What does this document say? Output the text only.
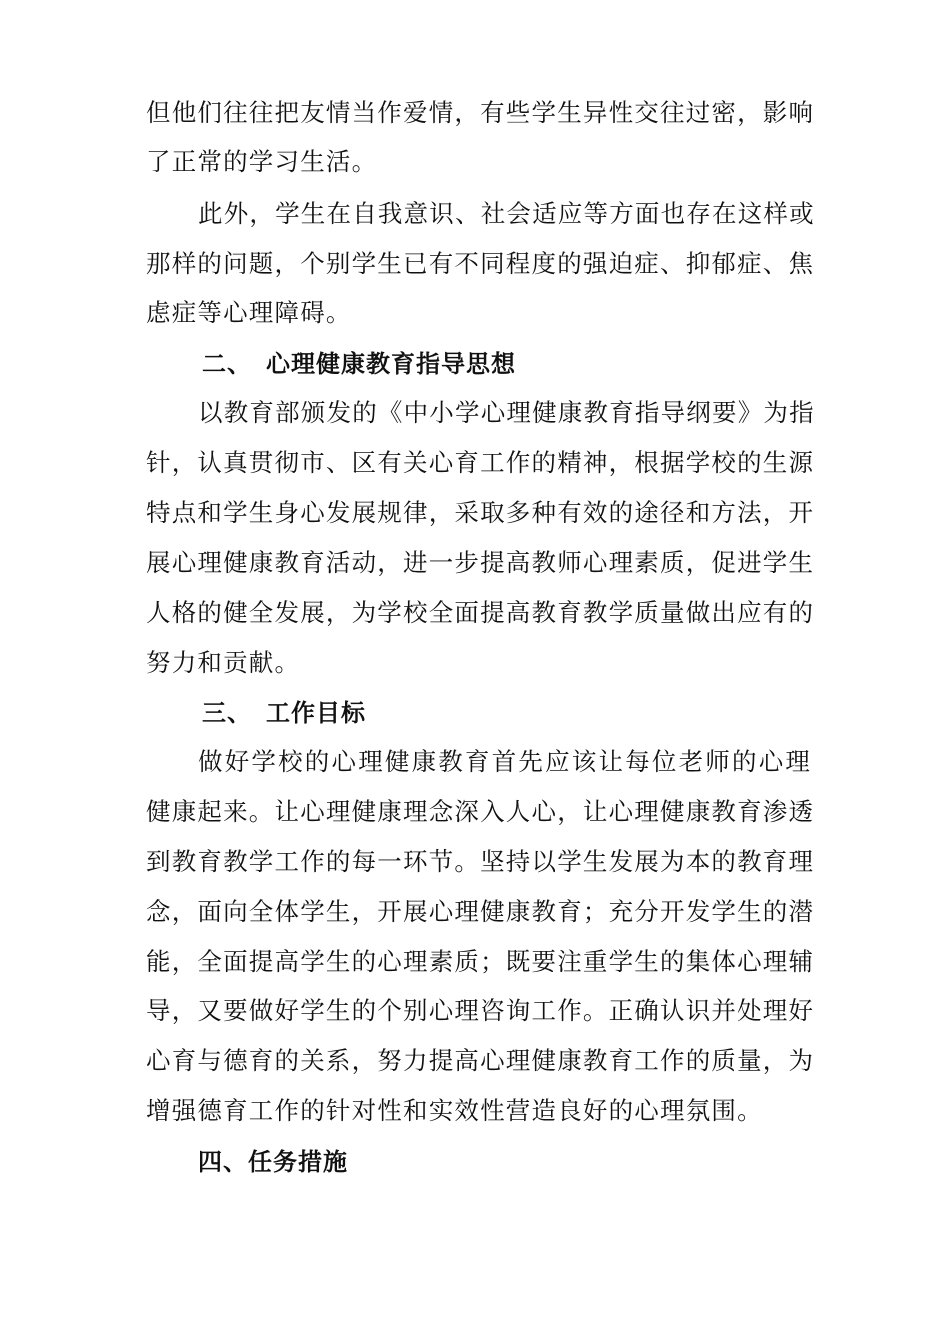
但他们往往把友情当作爱情，有些学生异性交往过密，影响
了正常的学习生活。
此外，学生在自我意识、社会适应等方面也存在这样或
那样的问题，个别学生已有不同程度的强迫症、抑郁症、焦
虑症等心理障碍。
二、 心理健康教育指导思想
以教育部颁发的《中小学心理健康教育指导纲要》为指
针，认真贯彻市、区有关心育工作的精神，根据学校的生源
特点和学生身心发展规律，采取多种有效的途径和方法，开
展心理健康教育活动，进一步提高教师心理素质，促进学生
人格的健全发展，为学校全面提高教育教学质量做出应有的
努力和贡献。
三、 工作目标
做好学校的心理健康教育首先应该让每位老师的心理
健康起来。让心理健康理念深入人心，让心理健康教育渗透
到教育教学工作的每一环节。坚持以学生发展为本的教育理
念，面向全体学生，开展心理健康教育；充分开发学生的潜
能，全面提高学生的心理素质；既要注重学生的集体心理辅
导，又要做好学生的个别心理咨询工作。正确认识并处理好
心育与德育的关系，努力提高心理健康教育工作的质量，为
增强德育工作的针对性和实效性营造良好的心理氛围。
四、任务措施
